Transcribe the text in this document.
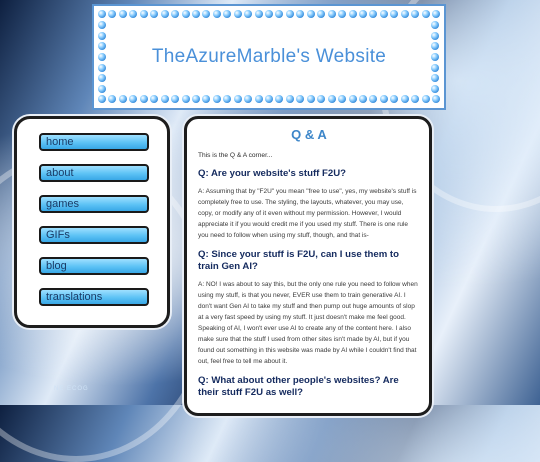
TheAzureMarble's Website
home
about
games
GIFs
blog
translations
Q & A
This is the Q & A corner...
Q: Are your website's stuff F2U?
A: Assuming that by "F2U" you mean "free to use", yes, my website's stuff is completely free to use. The styling, the layouts, whatever, you may use, copy, or modify any of it even without my permission. However, I would appreciate it if you would credit me if you used my stuff. There is one rule you need to follow when using my stuff, though, and that is-
Q: Since your stuff is F2U, can I use them to train Gen AI?
A: NO! I was about to say this, but the only one rule you need to follow when using my stuff, is that you never, EVER use them to train generative AI. I don't want Gen AI to take my stuff and then pump out huge amounts of slop at a very fast speed by using my stuff. It just doesn't make me feel good. Speaking of AI, I won't ever use AI to create any of the content here. I also make sure that the stuff I used from other sites isn't made by AI, but if you found out something in this website was made by AI while I couldn't find that out, feel free to tell me about it.
Q: What about other people's websites? Are their stuff F2U as well?
NE ECOG
